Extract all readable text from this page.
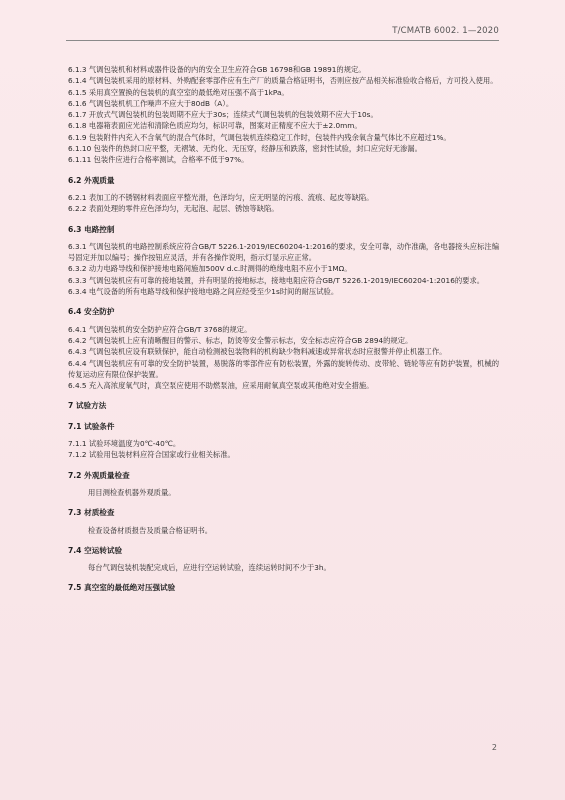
T/CMATB 6002. 1—2020

6.1.3 气调包装机和材料或器件设备的内的安全卫生应符合GB 16798和GB 19891的规定。

6.1.4 气调包装机采用的原材料、外购配套零部件应有生产厂的质量合格证明书，否则应按产品相关标准验收合格后，方可投入使用。

6.1.5 采用真空置换的包装机的真空室的最低绝对压强不高于1kPa。

6.1.6 气调包装机机工作噪声不应大于80dB（A）。

6.1.7 开放式气调包装机的包装周期不应大于30s；连续式气调包装机的包装效期不应大于10s。

6.1.8 电器箱表面应光洁和清除色质应均匀，标识可靠，图案对正精度不应大于±2.0mm。

6.1.9 包装附件内充入不含氧气的混合气体时，气调包装机连续稳定工作时，包装件内残余氧含量气体比不应超过1%。

6.1.10 包装件的热封口应平整，无褶皱、无灼化、无压穿，经静压和跌落，密封性试验，封口应完好无渗漏。

6.1.11 包装件应进行合格率测试，合格率不低于97%。

6.2 外观质量

6.2.1 表加工的不锈钢材料表面应平整光滑，色泽均匀，应无明显的污痕、流痕、起皮等缺陷。

6.2.2 表面处理的零件应色泽均匀，无起泡、起层、锈蚀等缺陷。

6.3 电路控制

6.3.1 气调包装机的电路控制系统应符合GB/T 5226.1-2019/IEC60204-1:2016的要求，安全可靠，动作准确，各电器接头应标注编号固定并加以编号；操作按钮应灵活，并有各操作说明，指示灯显示应正常。

6.3.2 动力电路导线和保护接地电路间施加500V d.c.时测得的绝缘电阻不应小于1MΩ。

6.3.3 气调包装机应有可靠的接地装置，并有明显的接地标志，接地电阻应符合GB/T 5226.1-2019/IEC60204-1:2016的要求。

6.3.4 电气设备的所有电路导线和保护接地电路之间应经受至少1s时间的耐压试验。

6.4 安全防护

6.4.1 气调包装机的安全防护应符合GB/T 3768的规定。

6.4.2 气调包装机上应有清晰醒目的警示、标志，防烫等安全警示标志，安全标志应符合GB 2894的规定。

6.4.3 气调包装机应设有联锁保护，能自动检测被包装物料的机构缺少物料减速或异常状态时应报警并停止机器工作。

6.4.4 气调包装机应有可靠的安全防护装置，易脱落的零部件应有防松装置，外露的旋转传动、皮带轮、链轮等应有防护装置，机械的传复运动应有限位保护装置。

6.4.5 充入高浓度氧气时，真空泵应使用不助燃泵油，应采用耐氧真空泵或其他绝对安全措施。

7 试验方法

7.1 试验条件

7.1.1 试验环境温度为0℃-40℃。

7.1.2 试验用包装材料应符合国家或行业相关标准。

7.2 外观质量检查

用目测检查机器外观质量。

7.3 材质检查

检查设备材质报告及质量合格证明书。

7.4 空运转试验

每台气调包装机装配完成后，应进行空运转试验，连续运转时间不少于3h。

7.5 真空室的最低绝对压强试验

2
